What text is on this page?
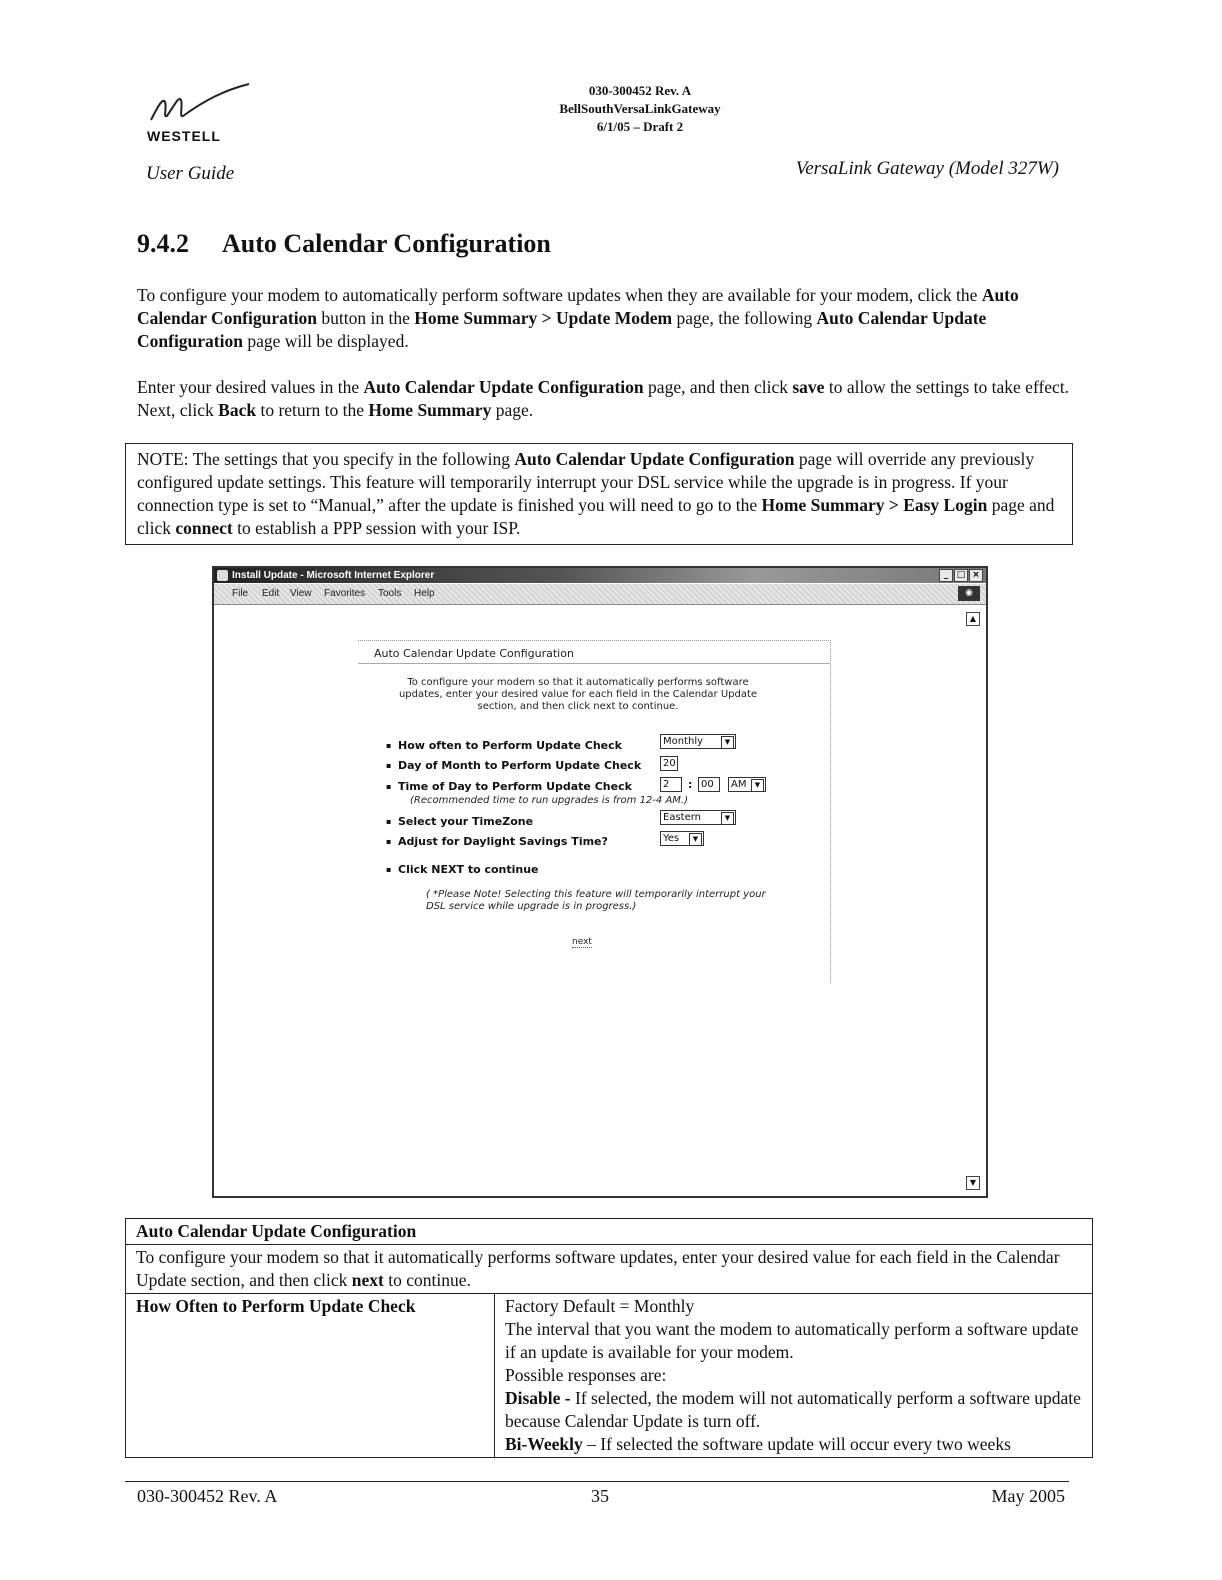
WESTELL
030-300452 Rev. A
BellSouthVersaLinkGateway
6/1/05 – Draft 2
User Guide	VersaLink Gateway (Model 327W)
9.4.2 Auto Calendar Configuration
To configure your modem to automatically perform software updates when they are available for your modem, click the Auto Calendar Configuration button in the Home Summary > Update Modem page, the following Auto Calendar Update Configuration page will be displayed.
Enter your desired values in the Auto Calendar Update Configuration page, and then click save to allow the settings to take effect. Next, click Back to return to the Home Summary page.
NOTE: The settings that you specify in the following Auto Calendar Update Configuration page will override any previously configured update settings. This feature will temporarily interrupt your DSL service while the upgrade is in progress. If your connection type is set to “Manual,” after the update is finished you will need to go to the Home Summary > Easy Login page and click connect to establish a PPP session with your ISP.
Install Update - Microsoft Internet Explorer	_ □ ×
File Edit View Favorites Tools Help	◉
▲
▼
Auto Calendar Update Configuration
To configure your modem so that it automatically performs software updates, enter your desired value for each field in the Calendar Update section, and then click next to continue.
▪ How often to Perform Update Check	Monthly	▼
▪ Day of Month to Perform Update Check	20
▪ Time of Day to Perform Update Check	2	: 00	AM	▼
(Recommended time to run upgrades is from 12-4 AM.)
▪ Select your TimeZone	Eastern	▼
▪ Adjust for Daylight Savings Time?	Yes	▼
▪ Click NEXT to continue
( *Please Note! Selecting this feature will temporarily interrupt your DSL service while upgrade is in progress.)
next
Auto Calendar Update Configuration
To configure your modem so that it automatically performs software updates, enter your desired value for each field in the Calendar Update section, and then click next to continue.
How Often to Perform Update Check	Factory Default = Monthly
The interval that you want the modem to automatically perform a software update if an update is available for your modem.
Possible responses are:
Disable - If selected, the modem will not automatically perform a software update because Calendar Update is turn off.
Bi-Weekly – If selected the software update will occur every two weeks
030-300452 Rev. A	35	May 2005
